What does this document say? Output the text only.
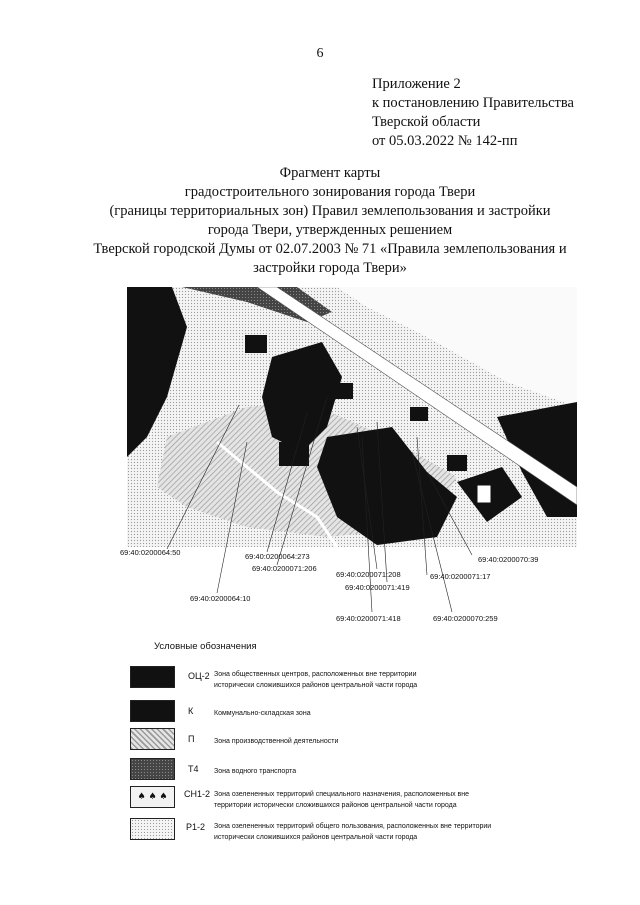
6
Приложение 2
к постановлению Правительства
Тверской области
от 05.03.2022 № 142-пп
Фрагмент карты
градостроительного зонирования города Твери
(границы территориальных зон) Правил землепользования и застройки
города Твери, утвержденных решением
Тверской городской Думы от 02.07.2003 № 71 «Правила землепользования и
застройки города Твери»
69:40:0200064:50	69:40:0200064:273
69:40:0200071:206
69:40:0200071:208
69:40:0200071:419
69:40:0200071:17
69:40:0200070:39
69:40:0200064:10
69:40:0200071:418	69:40:0200070:259
Условные обозначения
ОЦ-2 Зона общественных центров, расположенных вне территории
исторически сложившихся районов центральной части города
К	Коммунально-складская зона
П	Зона производственной деятельности
Т4 Зона водного транспорта
♠ ♠ ♠	СН1-2 Зона озелененных территорий специального назначения, расположенных вне
территории исторически сложившихся районов центральной части города
Р1-2 Зона озелененных территорий общего пользования, расположенных вне территории
исторически сложившихся районов центральной части города
